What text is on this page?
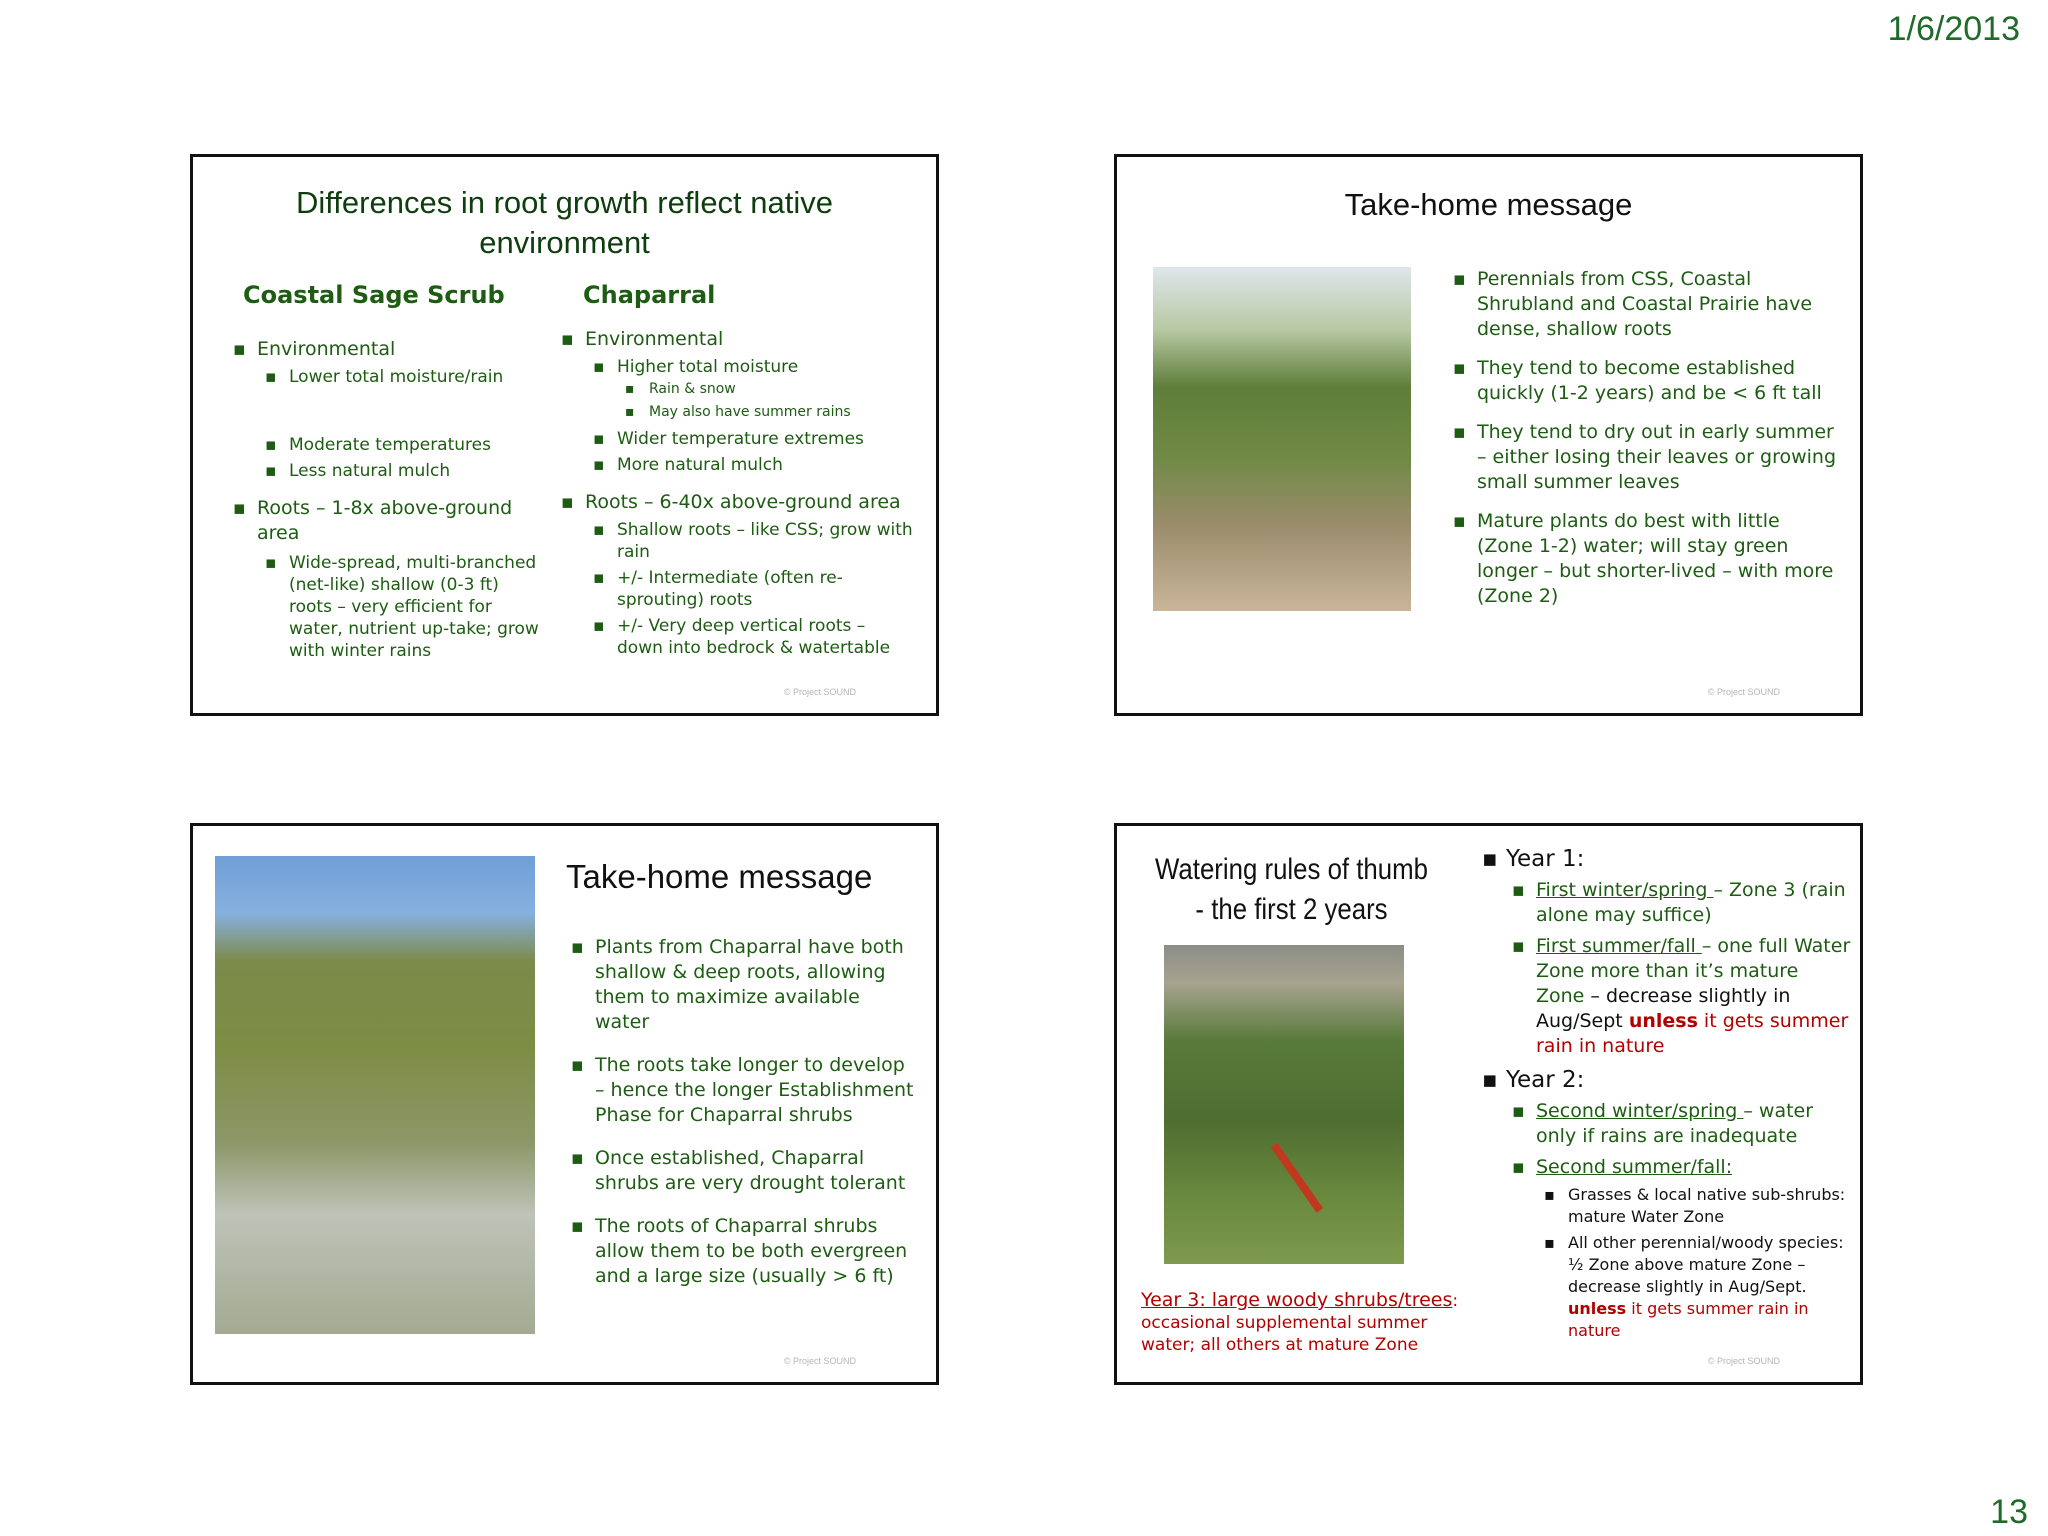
1/6/2013
Differences in root growth reflect native environment
Coastal Sage Scrub	Chaparral
▪ Environmental
▪ Lower total moisture/rain
▪ Moderate temperatures
▪ Less natural mulch
▪ Roots – 1-8x above-ground area
▪ Wide-spread, multi-branched (net-like) shallow (0-3 ft) roots – very efficient for water, nutrient up-take; grow with winter rains
▪ Environmental
▪ Higher total moisture
▪ Rain & snow
▪ May also have summer rains
▪ Wider temperature extremes
▪ More natural mulch
▪ Roots – 6-40x above-ground area
▪ Shallow roots – like CSS; grow with rain
▪ +/- Intermediate (often re-sprouting) roots
▪ +/- Very deep vertical roots – down into bedrock & watertable
© Project SOUND
Take-home message
▪ Perennials from CSS, Coastal Shrubland and Coastal Prairie have dense, shallow roots
▪ They tend to become established quickly (1-2 years) and be < 6 ft tall
▪ They tend to dry out in early summer – either losing their leaves or growing small summer leaves
▪ Mature plants do best with little (Zone 1-2) water; will stay green longer – but shorter-lived – with more (Zone 2)
© Project SOUND
Take-home message
▪ Plants from Chaparral have both shallow & deep roots, allowing them to maximize available water
▪ The roots take longer to develop – hence the longer Establishment Phase for Chaparral shrubs
▪ Once established, Chaparral shrubs are very drought tolerant
▪ The roots of Chaparral shrubs allow them to be both evergreen and a large size (usually > 6 ft)
© Project SOUND
Watering rules of thumb - the first 2 years
Year 3: large woody shrubs/trees: occasional supplemental summer water; all others at mature Zone
▪ Year 1:
▪ First winter/spring – Zone 3 (rain alone may suffice)
▪ First summer/fall – one full Water Zone more than it’s mature Zone – decrease slightly in Aug/Sept unless it gets summer rain in nature
▪ Year 2:
▪ Second winter/spring – water only if rains are inadequate
▪ Second summer/fall:
▪ Grasses & local native sub-shrubs: mature Water Zone
▪ All other perennial/woody species: ½ Zone above mature Zone – decrease slightly in Aug/Sept. unless it gets summer rain in nature
© Project SOUND
13
